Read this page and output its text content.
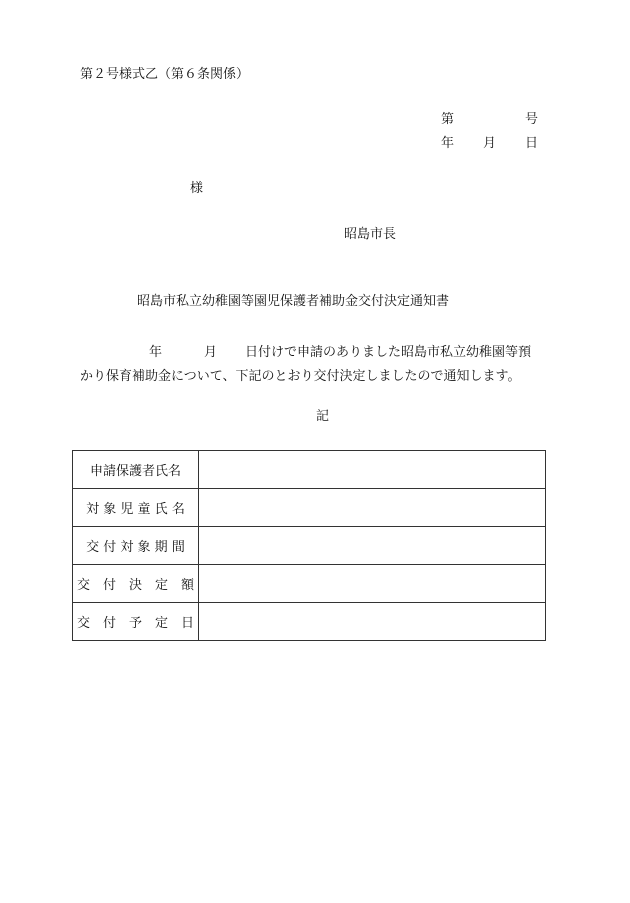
第２号様式乙（第６条関係）
第	号
年 月 日
様
昭島市長
昭島市私立幼稚園等園児保護者補助金交付決定通知書
年	月 日付けで申請のありました昭島市私立幼稚園等預
かり保育補助金について、下記のとおり交付決定しましたので通知します。
記
申請保護者氏名	
対 象 児 童 氏 名	
交 付 対 象 期 間	
交　付　決　定　額	
交　付　予　定　日	
